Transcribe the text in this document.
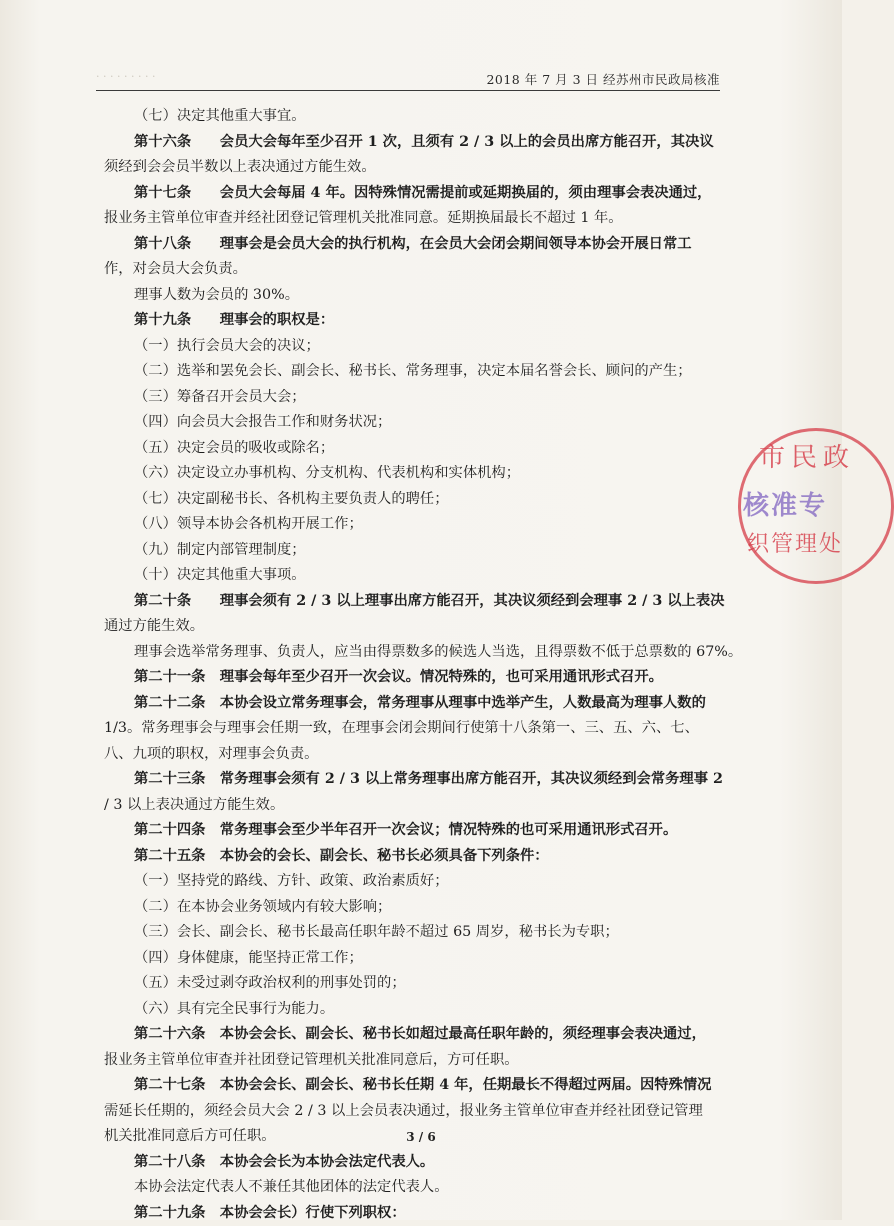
· · · · · · · · ·	2018 年 7 月 3 日 经苏州市民政局核准
（七）决定其他重大事宜。
第十六条　　会员大会每年至少召开 1 次，且须有 2 / 3 以上的会员出席方能召开，其决议
须经到会会员半数以上表决通过方能生效。
第十七条　　会员大会每届 4 年。因特殊情况需提前或延期换届的，须由理事会表决通过，
报业务主管单位审查并经社团登记管理机关批准同意。延期换届最长不超过 1 年。
第十八条　　理事会是会员大会的执行机构，在会员大会闭会期间领导本协会开展日常工
作，对会员大会负责。
理事人数为会员的 30%。
第十九条　　理事会的职权是：
（一）执行会员大会的决议；
（二）选举和罢免会长、副会长、秘书长、常务理事，决定本届名誉会长、顾问的产生；
（三）筹备召开会员大会；
（四）向会员大会报告工作和财务状况；
（五）决定会员的吸收或除名；
（六）决定设立办事机构、分支机构、代表机构和实体机构；
（七）决定副秘书长、各机构主要负责人的聘任；
（八）领导本协会各机构开展工作；
（九）制定内部管理制度；
（十）决定其他重大事项。
第二十条　　理事会须有 2 / 3 以上理事出席方能召开，其决议须经到会理事 2 / 3 以上表决
通过方能生效。
理事会选举常务理事、负责人，应当由得票数多的候选人当选，且得票数不低于总票数的 67%。
第二十一条　理事会每年至少召开一次会议。情况特殊的，也可采用通讯形式召开。
第二十二条　本协会设立常务理事会，常务理事从理事中选举产生，人数最高为理事人数的
1/3。常务理事会与理事会任期一致，在理事会闭会期间行使第十八条第一、三、五、六、七、
八、九项的职权，对理事会负责。
第二十三条　常务理事会须有 2 / 3 以上常务理事出席方能召开，其决议须经到会常务理事 2
/ 3 以上表决通过方能生效。
第二十四条　常务理事会至少半年召开一次会议；情况特殊的也可采用通讯形式召开。
第二十五条　本协会的会长、副会长、秘书长必须具备下列条件：
（一）坚持党的路线、方针、政策、政治素质好；
（二）在本协会业务领域内有较大影响；
（三）会长、副会长、秘书长最高任职年龄不超过 65 周岁，秘书长为专职；
（四）身体健康，能坚持正常工作；
（五）未受过剥夺政治权利的刑事处罚的；
（六）具有完全民事行为能力。
第二十六条　本协会会长、副会长、秘书长如超过最高任职年龄的，须经理事会表决通过，
报业务主管单位审查并社团登记管理机关批准同意后，方可任职。
第二十七条　本协会会长、副会长、秘书长任期 4 年，任期最长不得超过两届。因特殊情况
需延长任期的，须经会员大会 2 / 3 以上会员表决通过，报业务主管单位审查并经社团登记管理
机关批准同意后方可任职。
第二十八条　本协会会长为本协会法定代表人。
本协会法定代表人不兼任其他团体的法定代表人。
第二十九条　本协会会长）行使下列职权：
市民政
核准专
织管理处
3 / 6
